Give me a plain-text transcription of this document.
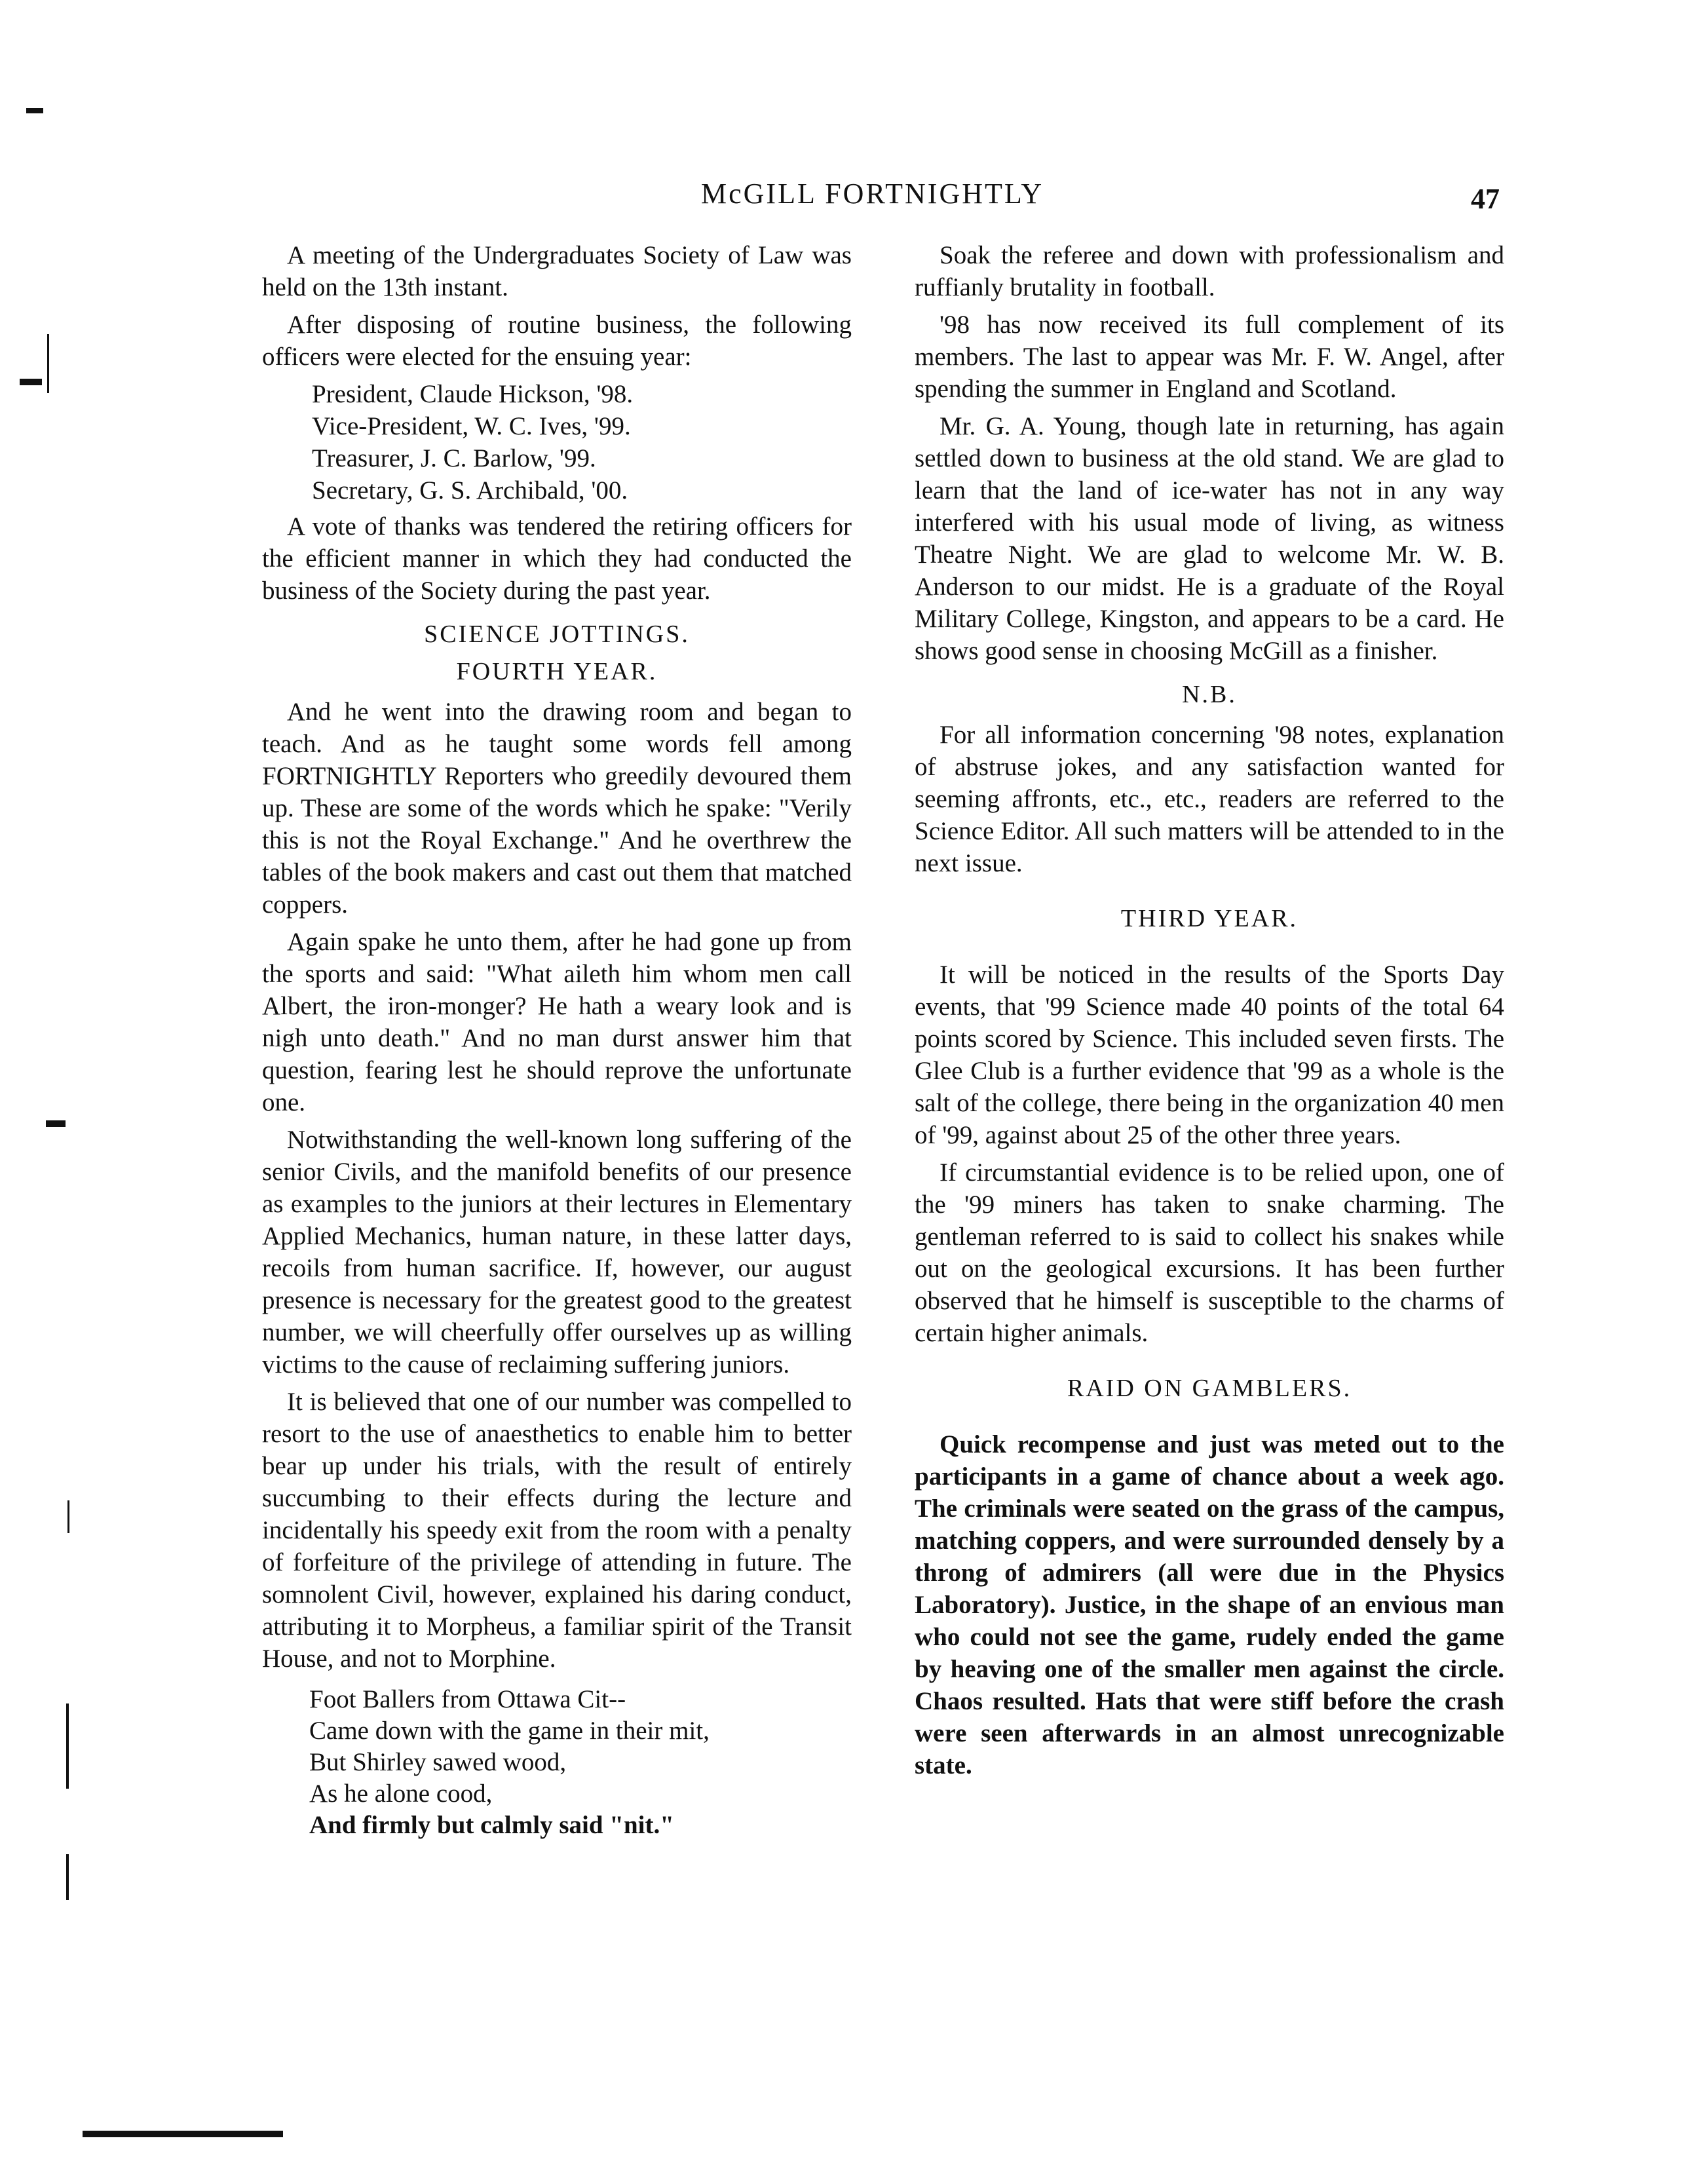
McGILL FORTNIGHTLY	47

A meeting of the Undergraduates Society of Law was held on the 13th instant.

After disposing of routine business, the following officers were elected for the ensuing year:

President, Claude Hickson, '98.
Vice-President, W. C. Ives, '99.
Treasurer, J. C. Barlow, '99.
Secretary, G. S. Archibald, '00.

A vote of thanks was tendered the retiring officers for the efficient manner in which they had conducted the business of the Society during the past year.

SCIENCE JOTTINGS.
FOURTH YEAR.

And he went into the drawing room and began to teach. And as he taught some words fell among FORTNIGHTLY Reporters who greedily devoured them up. These are some of the words which he spake: "Verily this is not the Royal Exchange." And he overthrew the tables of the book makers and cast out them that matched coppers.

Again spake he unto them, after he had gone up from the sports and said: "What aileth him whom men call Albert, the iron-monger? He hath a weary look and is nigh unto death." And no man durst answer him that question, fearing lest he should reprove the unfortunate one.

Notwithstanding the well-known long suffering of the senior Civils, and the manifold benefits of our presence as examples to the juniors at their lectures in Elementary Applied Mechanics, human nature, in these latter days, recoils from human sacrifice. If, however, our august presence is necessary for the greatest good to the greatest number, we will cheerfully offer ourselves up as willing victims to the cause of reclaiming suffering juniors.

It is believed that one of our number was compelled to resort to the use of anaesthetics to enable him to better bear up under his trials, with the result of entirely succumbing to their effects during the lecture and incidentally his speedy exit from the room with a penalty of forfeiture of the privilege of attending in future. The somnolent Civil, however, explained his daring conduct, attributing it to Morpheus, a familiar spirit of the Transit House, and not to Morphine.

Foot Ballers from Ottawa Cit--
Came down with the game in their mit,
But Shirley sawed wood,
As he alone cood,
And firmly but calmly said "nit."

Soak the referee and down with professionalism and ruffianly brutality in football.

'98 has now received its full complement of its members. The last to appear was Mr. F. W. Angel, after spending the summer in England and Scotland.

Mr. G. A. Young, though late in returning, has again settled down to business at the old stand. We are glad to learn that the land of ice-water has not in any way interfered with his usual mode of living, as witness Theatre Night. We are glad to welcome Mr. W. B. Anderson to our midst. He is a graduate of the Royal Military College, Kingston, and appears to be a card. He shows good sense in choosing McGill as a finisher.

N.B.

For all information concerning '98 notes, explanation of abstruse jokes, and any satisfaction wanted for seeming affronts, etc., etc., readers are referred to the Science Editor. All such matters will be attended to in the next issue.

THIRD YEAR.

It will be noticed in the results of the Sports Day events, that '99 Science made 40 points of the total 64 points scored by Science. This included seven firsts. The Glee Club is a further evidence that '99 as a whole is the salt of the college, there being in the organization 40 men of '99, against about 25 of the other three years.

If circumstantial evidence is to be relied upon, one of the '99 miners has taken to snake charming. The gentleman referred to is said to collect his snakes while out on the geological excursions. It has been further observed that he himself is susceptible to the charms of certain higher animals.

RAID ON GAMBLERS.

Quick recompense and just was meted out to the participants in a game of chance about a week ago. The criminals were seated on the grass of the campus, matching coppers, and were surrounded densely by a throng of admirers (all were due in the Physics Laboratory). Justice, in the shape of an envious man who could not see the game, rudely ended the game by heaving one of the smaller men against the circle. Chaos resulted. Hats that were stiff before the crash were seen afterwards in an almost unrecognizable state.
